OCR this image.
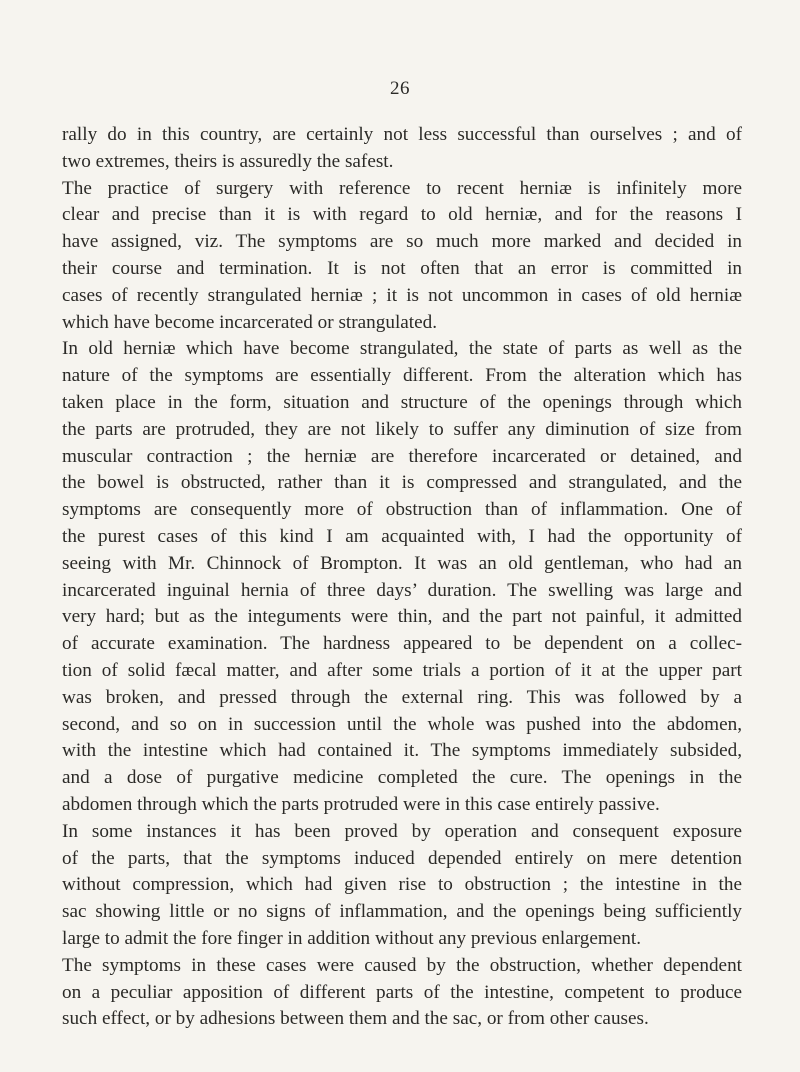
26
rally do in this country, are certainly not less successful than ourselves ; and of
two extremes, theirs is assuredly the safest.
The practice of surgery with reference to recent herniæ is infinitely more
clear and precise than it is with regard to old herniæ, and for the reasons I
have assigned, viz. The symptoms are so much more marked and decided in
their course and termination. It is not often that an error is committed in
cases of recently strangulated herniæ ; it is not uncommon in cases of old herniæ
which have become incarcerated or strangulated.
In old herniæ which have become strangulated, the state of parts as well as the
nature of the symptoms are essentially different. From the alteration which has
taken place in the form, situation and structure of the openings through which
the parts are protruded, they are not likely to suffer any diminution of size from
muscular contraction ; the herniæ are therefore incarcerated or detained, and
the bowel is obstructed, rather than it is compressed and strangulated, and the
symptoms are consequently more of obstruction than of inflammation. One of
the purest cases of this kind I am acquainted with, I had the opportunity of
seeing with Mr. Chinnock of Brompton. It was an old gentleman, who had an
incarcerated inguinal hernia of three days’ duration. The swelling was large and
very hard; but as the integuments were thin, and the part not painful, it admitted
of accurate examination. The hardness appeared to be dependent on a collec-
tion of solid fæcal matter, and after some trials a portion of it at the upper part
was broken, and pressed through the external ring. This was followed by a
second, and so on in succession until the whole was pushed into the abdomen,
with the intestine which had contained it. The symptoms immediately subsided,
and a dose of purgative medicine completed the cure. The openings in the
abdomen through which the parts protruded were in this case entirely passive.
In some instances it has been proved by operation and consequent exposure
of the parts, that the symptoms induced depended entirely on mere detention
without compression, which had given rise to obstruction ; the intestine in the
sac showing little or no signs of inflammation, and the openings being sufficiently
large to admit the fore finger in addition without any previous enlargement.
The symptoms in these cases were caused by the obstruction, whether dependent
on a peculiar apposition of different parts of the intestine, competent to produce
such effect, or by adhesions between them and the sac, or from other causes.
